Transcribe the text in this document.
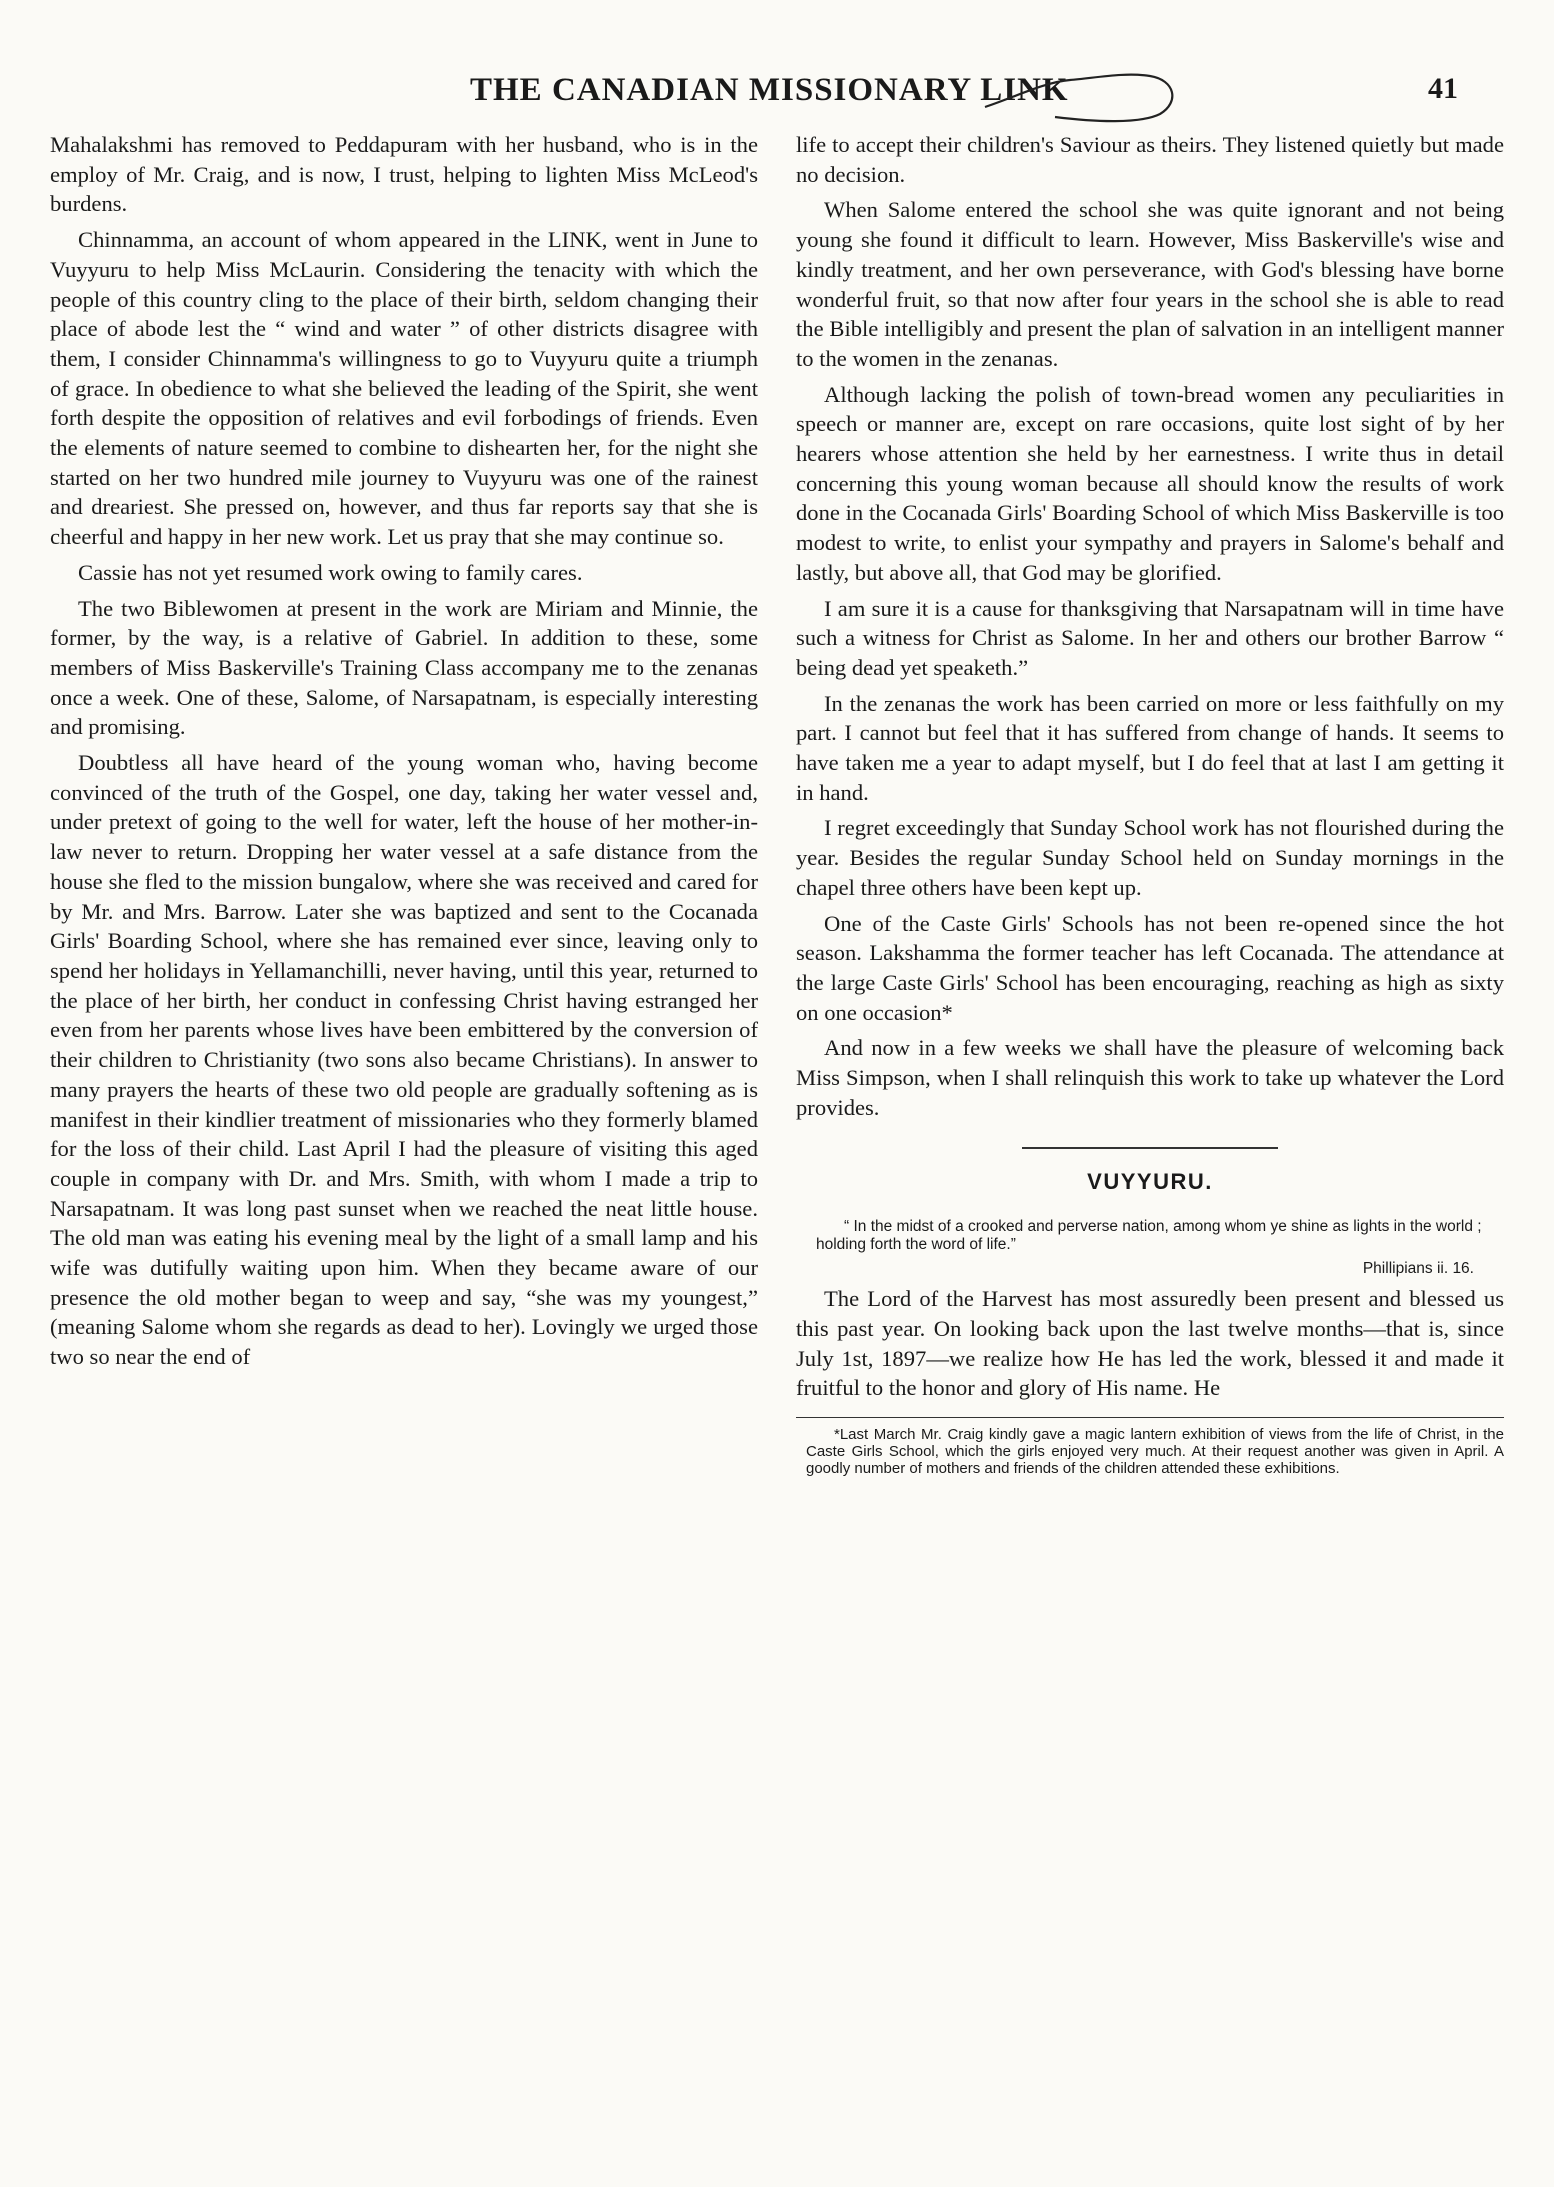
THE CANADIAN MISSIONARY LINK	41

Mahalakshmi has removed to Peddapuram with her husband, who is in the employ of Mr. Craig, and is now, I trust, helping to lighten Miss McLeod's burdens.

Chinnamma, an account of whom appeared in the LINK, went in June to Vuyyuru to help Miss McLaurin. Considering the tenacity with which the people of this country cling to the place of their birth, seldom changing their place of abode lest the “ wind and water ” of other districts disagree with them, I consider Chinnamma's willingness to go to Vuyyuru quite a triumph of grace. In obedience to what she believed the leading of the Spirit, she went forth despite the opposition of relatives and evil forbodings of friends. Even the elements of nature seemed to combine to dishearten her, for the night she started on her two hundred mile journey to Vuyyuru was one of the rainest and dreariest. She pressed on, however, and thus far reports say that she is cheerful and happy in her new work. Let us pray that she may continue so.

Cassie has not yet resumed work owing to family cares.

The two Biblewomen at present in the work are Miriam and Minnie, the former, by the way, is a relative of Gabriel. In addition to these, some members of Miss Baskerville's Training Class accompany me to the zenanas once a week. One of these, Salome, of Narsapatnam, is especially interesting and promising.

Doubtless all have heard of the young woman who, having become convinced of the truth of the Gospel, one day, taking her water vessel and, under pretext of going to the well for water, left the house of her mother-in-law never to return. Dropping her water vessel at a safe distance from the house she fled to the mission bungalow, where she was received and cared for by Mr. and Mrs. Barrow. Later she was baptized and sent to the Cocanada Girls' Boarding School, where she has remained ever since, leaving only to spend her holidays in Yellamanchilli, never having, until this year, returned to the place of her birth, her conduct in confessing Christ having estranged her even from her parents whose lives have been embittered by the conversion of their children to Christianity (two sons also became Christians). In answer to many prayers the hearts of these two old people are gradually softening as is manifest in their kindlier treatment of missionaries who they formerly blamed for the loss of their child. Last April I had the pleasure of visiting this aged couple in company with Dr. and Mrs. Smith, with whom I made a trip to Narsapatnam. It was long past sunset when we reached the neat little house. The old man was eating his evening meal by the light of a small lamp and his wife was dutifully waiting upon him. When they became aware of our presence the old mother began to weep and say, “she was my youngest,” (meaning Salome whom she regards as dead to her). Lovingly we urged those two so near the end of

life to accept their children's Saviour as theirs. They listened quietly but made no decision.

When Salome entered the school she was quite ignorant and not being young she found it difficult to learn. However, Miss Baskerville's wise and kindly treatment, and her own perseverance, with God's blessing have borne wonderful fruit, so that now after four years in the school she is able to read the Bible intelligibly and present the plan of salvation in an intelligent manner to the women in the zenanas.

Although lacking the polish of town-bread women any peculiarities in speech or manner are, except on rare occasions, quite lost sight of by her hearers whose attention she held by her earnestness. I write thus in detail concerning this young woman because all should know the results of work done in the Cocanada Girls' Boarding School of which Miss Baskerville is too modest to write, to enlist your sympathy and prayers in Salome's behalf and lastly, but above all, that God may be glorified.

I am sure it is a cause for thanksgiving that Narsapatnam will in time have such a witness for Christ as Salome. In her and others our brother Barrow “ being dead yet speaketh.”

In the zenanas the work has been carried on more or less faithfully on my part. I cannot but feel that it has suffered from change of hands. It seems to have taken me a year to adapt myself, but I do feel that at last I am getting it in hand.

I regret exceedingly that Sunday School work has not flourished during the year. Besides the regular Sunday School held on Sunday mornings in the chapel three others have been kept up.

One of the Caste Girls' Schools has not been re-opened since the hot season. Lakshamma the former teacher has left Cocanada. The attendance at the large Caste Girls' School has been encouraging, reaching as high as sixty on one occasion*

And now in a few weeks we shall have the pleasure of welcoming back Miss Simpson, when I shall relinquish this work to take up whatever the Lord provides.

VUYYURU.

“ In the midst of a crooked and perverse nation, among whom ye shine as lights in the world ; holding forth the word of life.”

Phillipians ii. 16.

The Lord of the Harvest has most assuredly been present and blessed us this past year. On looking back upon the last twelve months—that is, since July 1st, 1897—we realize how He has led the work, blessed it and made it fruitful to the honor and glory of His name. He

*Last March Mr. Craig kindly gave a magic lantern exhibition of views from the life of Christ, in the Caste Girls School, which the girls enjoyed very much. At their request another was given in April. A goodly number of mothers and friends of the children attended these exhibitions.
